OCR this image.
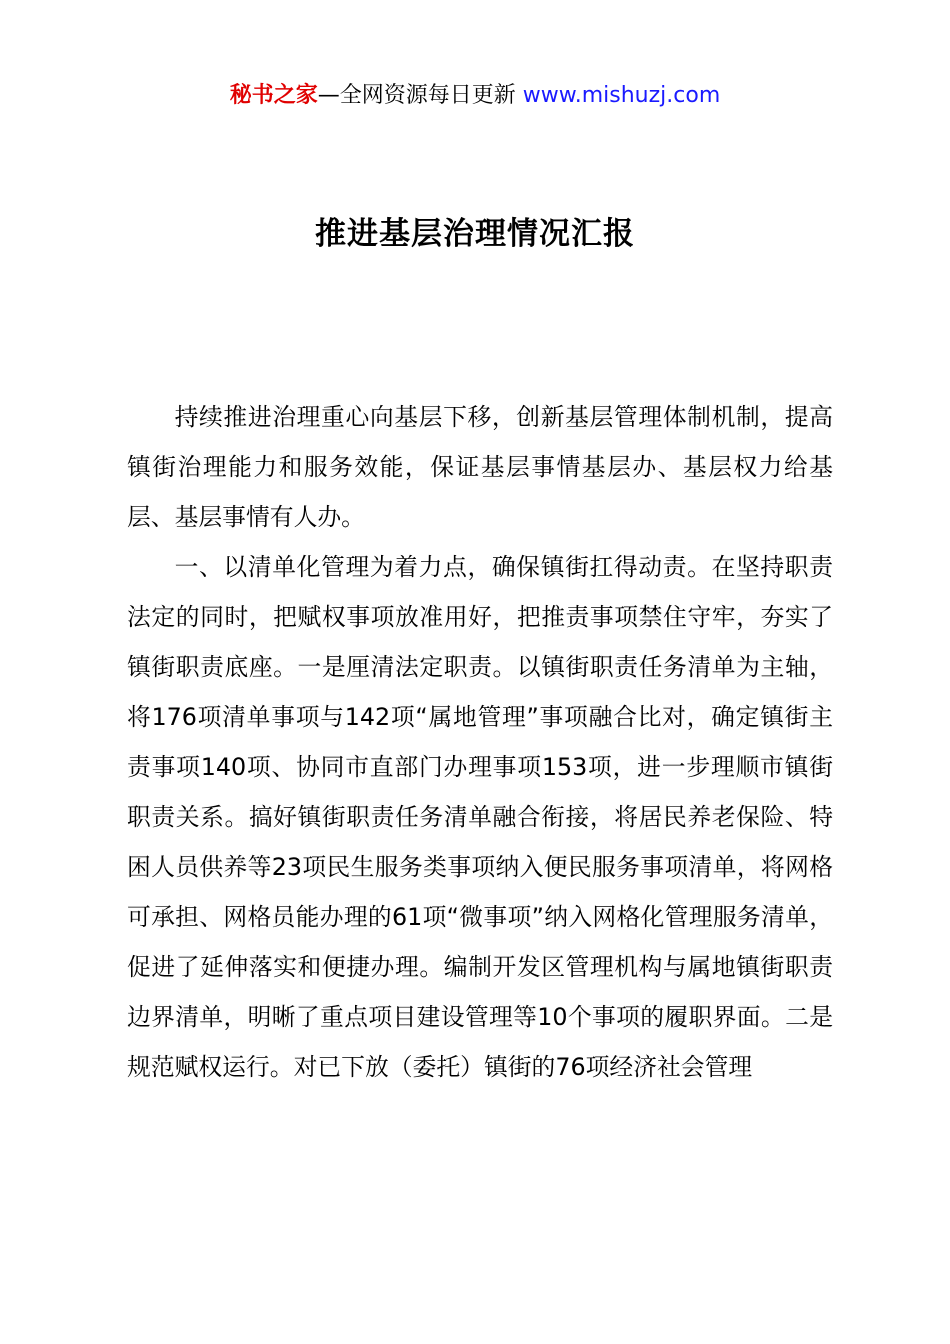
秘书之家—全网资源每日更新 www.mishuzj.com
推进基层治理情况汇报

持续推进治理重心向基层下移，创新基层管理体制机制，提高镇街治理能力和服务效能，保证基层事情基层办、基层权力给基层、基层事情有人办。

一、以清单化管理为着力点，确保镇街扛得动责。在坚持职责法定的同时，把赋权事项放准用好，把推责事项禁住守牢，夯实了镇街职责底座。一是厘清法定职责。以镇街职责任务清单为主轴，将176项清单事项与142项“属地管理”事项融合比对，确定镇街主责事项140项、协同市直部门办理事项153项，进一步理顺市镇街职责关系。搞好镇街职责任务清单融合衔接，将居民养老保险、特困人员供养等23项民生服务类事项纳入便民服务事项清单，将网格可承担、网格员能办理的61项“微事项”纳入网格化管理服务清单，促进了延伸落实和便捷办理。编制开发区管理机构与属地镇街职责边界清单，明晰了重点项目建设管理等10个事项的履职界面。二是规范赋权运行。对已下放（委托）镇街的76项经济社会管理
